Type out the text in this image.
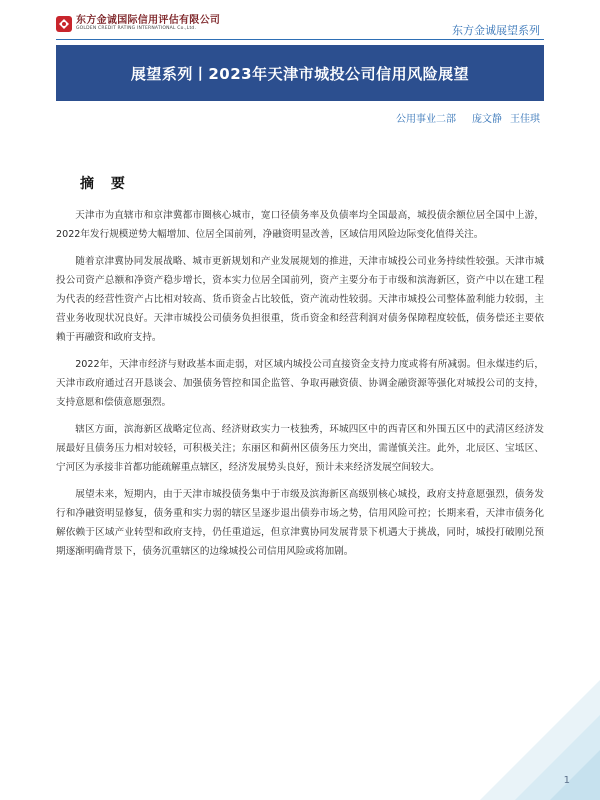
东方金诚国际信用评估有限公司
GOLDEN CREDIT RATING INTERNATIONAL Co.,Ltd.	东方金诚展望系列
展望系列丨2023年天津市城投公司信用风险展望
公用事业二部 庞文静 王佳琪
摘 要

天津市为直辖市和京津冀都市圈核心城市，宽口径债务率及负债率均全国最高，城投债余额位居全国中上游，2022年发行规模逆势大幅增加、位居全国前列，净融资明显改善，区域信用风险边际变化值得关注。

随着京津冀协同发展战略、城市更新规划和产业发展规划的推进，天津市城投公司业务持续性较强。天津市城投公司资产总额和净资产稳步增长，资本实力位居全国前列，资产主要分布于市级和滨海新区，资产中以在建工程为代表的经营性资产占比相对较高、货币资金占比较低，资产流动性较弱。天津市城投公司整体盈利能力较弱，主营业务收现状况良好。天津市城投公司债务负担很重，货币资金和经营利润对债务保障程度较低，债务偿还主要依赖于再融资和政府支持。

2022年，天津市经济与财政基本面走弱，对区域内城投公司直接资金支持力度或将有所减弱。但永煤违约后，天津市政府通过召开恳谈会、加强债务管控和国企监管、争取再融资债、协调金融资源等强化对城投公司的支持，支持意愿和偿债意愿强烈。

辖区方面，滨海新区战略定位高、经济财政实力一枝独秀，环城四区中的西青区和外围五区中的武清区经济发展最好且债务压力相对较轻，可积极关注；东丽区和蓟州区债务压力突出，需谨慎关注。此外，北辰区、宝坻区、宁河区为承接非首都功能疏解重点辖区，经济发展势头良好，预计未来经济发展空间较大。

展望未来，短期内，由于天津市城投债务集中于市级及滨海新区高级别核心城投，政府支持意愿强烈，债务发行和净融资明显修复，债务重和实力弱的辖区呈逐步退出债券市场之势，信用风险可控；长期来看，天津市债务化解依赖于区域产业转型和政府支持，仍任重道远，但京津冀协同发展背景下机遇大于挑战，同时，城投打破刚兑预期逐渐明确背景下，债务沉重辖区的边缘城投公司信用风险或将加剧。

1
